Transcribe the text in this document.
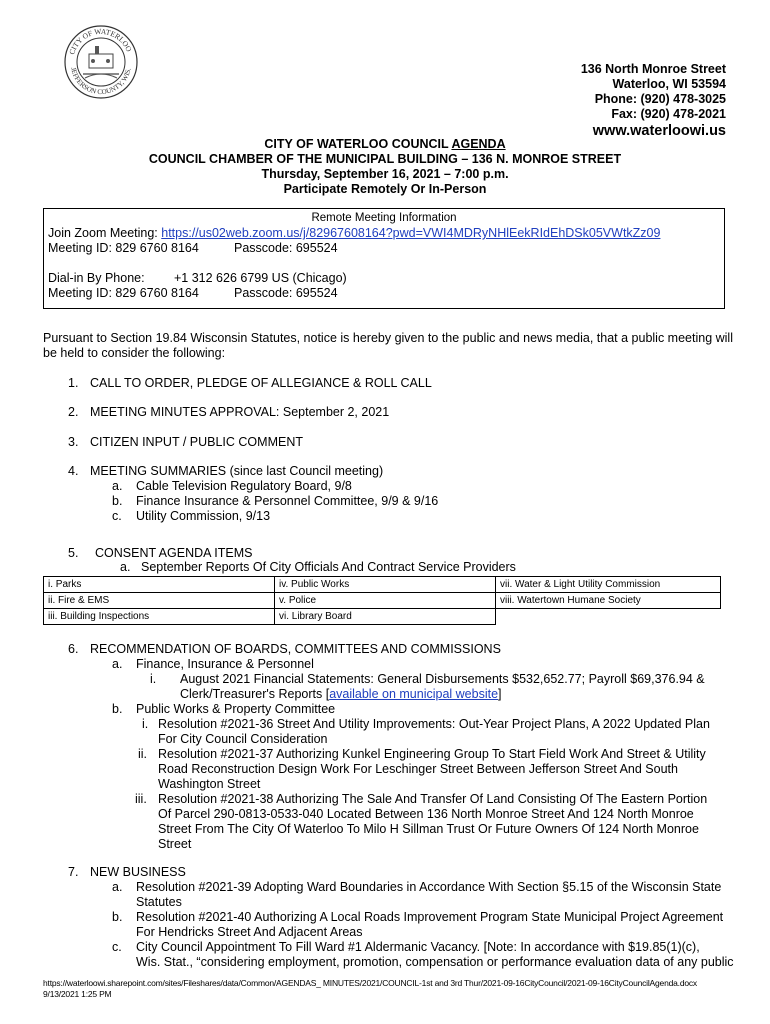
CITY OF WATERLOO
JEFFERSON COUNTY, WIS.	136 North Monroe Street
Waterloo, WI 53594
Phone: (920) 478-3025
Fax: (920) 478-2021
www.waterloowi.us
CITY OF WATERLOO COUNCIL AGENDA
COUNCIL CHAMBER OF THE MUNICIPAL BUILDING – 136 N. MONROE STREET
Thursday, September 16, 2021 – 7:00 p.m.
Participate Remotely Or In-Person
Remote Meeting Information
Join Zoom Meeting: https://us02web.zoom.us/j/82967608164?pwd=VWI4MDRyNHlEekRIdEhDSk05VWtkZz09
Meeting ID: 829 6760 8164	Passcode: 695524
Dial-in By Phone: +1 312 626 6799 US (Chicago)
Meeting ID: 829 6760 8164	Passcode: 695524
Pursuant to Section 19.84 Wisconsin Statutes, notice is hereby given to the public and news media, that a public meeting will be held to consider the following:
1. CALL TO ORDER, PLEDGE OF ALLEGIANCE & ROLL CALL
2. MEETING MINUTES APPROVAL: September 2, 2021
3. CITIZEN INPUT / PUBLIC COMMENT
4. MEETING SUMMARIES (since last Council meeting)
a. Cable Television Regulatory Board, 9/8
b. Finance Insurance & Personnel Committee, 9/9 & 9/16
c. Utility Commission, 9/13
5. CONSENT AGENDA ITEMS
a. September Reports Of City Officials And Contract Service Providers
i. Parks	iv. Public Works	vii. Water & Light Utility Commission
ii. Fire & EMS	v. Police	viii. Watertown Humane Society
iii. Building Inspections	vi. Library Board	
6. RECOMMENDATION OF BOARDS, COMMITTEES AND COMMISSIONS
a. Finance, Insurance & Personnel
i. August 2021 Financial Statements: General Disbursements $532,652.77; Payroll $69,376.94 &
Clerk/Treasurer's Reports [available on municipal website]
b. Public Works & Property Committee
i. Resolution #2021-36 Street And Utility Improvements: Out-Year Project Plans, A 2022 Updated Plan
For City Council Consideration
ii. Resolution #2021-37 Authorizing Kunkel Engineering Group To Start Field Work And Street & Utility
Road Reconstruction Design Work For Leschinger Street Between Jefferson Street And South
Washington Street
iii. Resolution #2021-38 Authorizing The Sale And Transfer Of Land Consisting Of The Eastern Portion
Of Parcel 290-0813-0533-040 Located Between 136 North Monroe Street And 124 North Monroe
Street From The City Of Waterloo To Milo H Sillman Trust Or Future Owners Of 124 North Monroe
Street
7. NEW BUSINESS
a. Resolution #2021-39 Adopting Ward Boundaries in Accordance With Section §5.15 of the Wisconsin State
Statutes
b. Resolution #2021-40 Authorizing A Local Roads Improvement Program State Municipal Project Agreement
For Hendricks Street And Adjacent Areas
c. City Council Appointment To Fill Ward #1 Aldermanic Vacancy. [Note: In accordance with $19.85(1)(c),
Wis. Stat., “considering employment, promotion, compensation or performance evaluation data of any public
https://waterloowi.sharepoint.com/sites/Fileshares/data/Common/AGENDAS_ MINUTES/2021/COUNCIL-1st and 3rd Thur/2021-09-16CityCouncil/2021-09-16CityCouncilAgenda.docx
9/13/2021 1:25 PM
